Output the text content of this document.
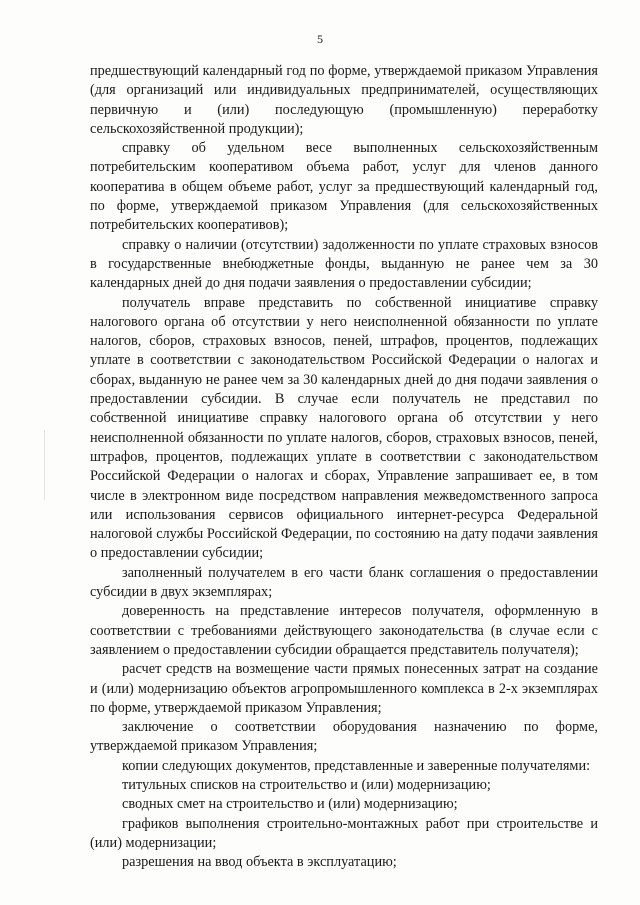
5

предшествующий календарный год по форме, утверждаемой приказом Управления (для организаций или индивидуальных предпринимателей, осуществляющих первичную и (или) последующую (промышленную) переработку сельскохозяйственной продукции);

справку об удельном весе выполненных сельскохозяйственным потребительским кооперативом объема работ, услуг для членов данного кооператива в общем объеме работ, услуг за предшествующий календарный год, по форме, утверждаемой приказом Управления (для сельскохозяйственных потребительских кооперативов);

справку о наличии (отсутствии) задолженности по уплате страховых взносов в государственные внебюджетные фонды, выданную не ранее чем за 30 календарных дней до дня подачи заявления о предоставлении субсидии;

получатель вправе представить по собственной инициативе справку налогового органа об отсутствии у него неисполненной обязанности по уплате налогов, сборов, страховых взносов, пеней, штрафов, процентов, подлежащих уплате в соответствии с законодательством Российской Федерации о налогах и сборах, выданную не ранее чем за 30 календарных дней до дня подачи заявления о предоставлении субсидии. В случае если получатель не представил по собственной инициативе справку налогового органа об отсутствии у него неисполненной обязанности по уплате налогов, сборов, страховых взносов, пеней, штрафов, процентов, подлежащих уплате в соответствии с законодательством Российской Федерации о налогах и сборах, Управление запрашивает ее, в том числе в электронном виде посредством направления межведомственного запроса или использования сервисов официального интернет-ресурса Федеральной налоговой службы Российской Федерации, по состоянию на дату подачи заявления о предоставлении субсидии;

заполненный получателем в его части бланк соглашения о предоставлении субсидии в двух экземплярах;

доверенность на представление интересов получателя, оформленную в соответствии с требованиями действующего законодательства (в случае если с заявлением о предоставлении субсидии обращается представитель получателя);

расчет средств на возмещение части прямых понесенных затрат на создание и (или) модернизацию объектов агропромышленного комплекса в 2-х экземплярах по форме, утверждаемой приказом Управления;

заключение о соответствии оборудования назначению по форме, утверждаемой приказом Управления;

копии следующих документов, представленные и заверенные получателями:

титульных списков на строительство и (или) модернизацию;

сводных смет на строительство и (или) модернизацию;

графиков выполнения строительно-монтажных работ при строительстве и (или) модернизации;

разрешения на ввод объекта в эксплуатацию;
